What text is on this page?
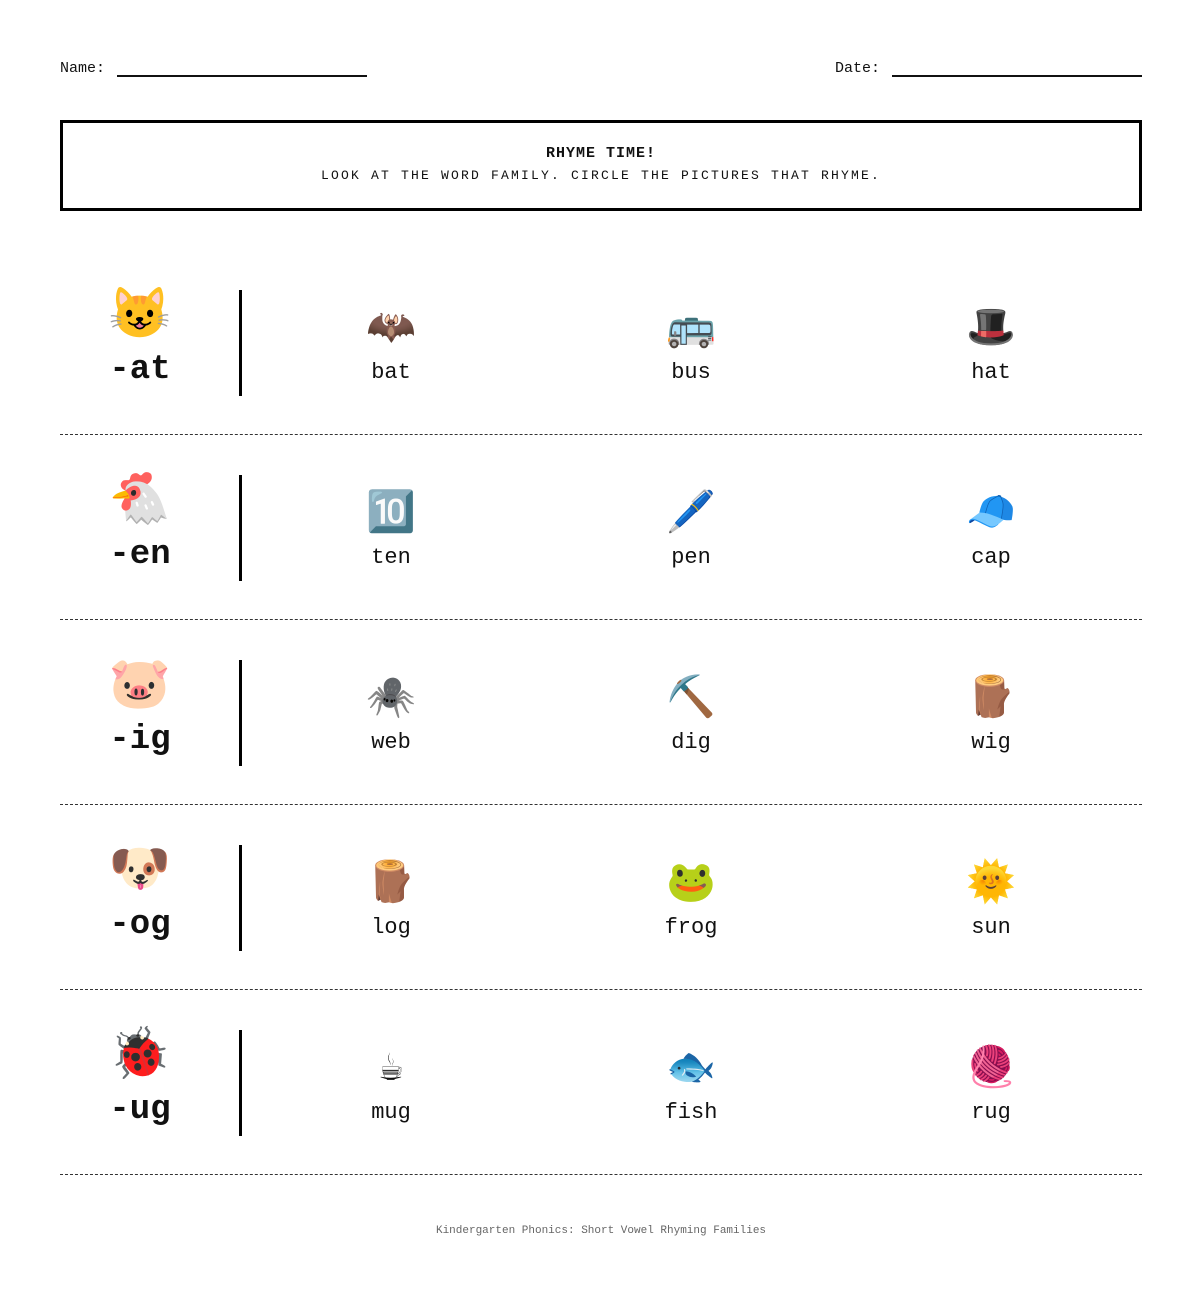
Name:	Date:
RHYME TIME!
LOOK AT THE WORD FAMILY. CIRCLE THE PICTURES THAT RHYME.
😺
-at
🦇
bat
🚌
bus
🎩
hat
🐔
-en
🔟
ten
🖊️
pen
🧢
cap
🐷
-ig
🕷️
web
⛏️
dig
🪵
wig
🐶
-og
🪵
log
🐸
frog
🌞
sun
🐞
-ug
☕
mug
🐟
fish
🧶
rug
Kindergarten Phonics: Short Vowel Rhyming Families
